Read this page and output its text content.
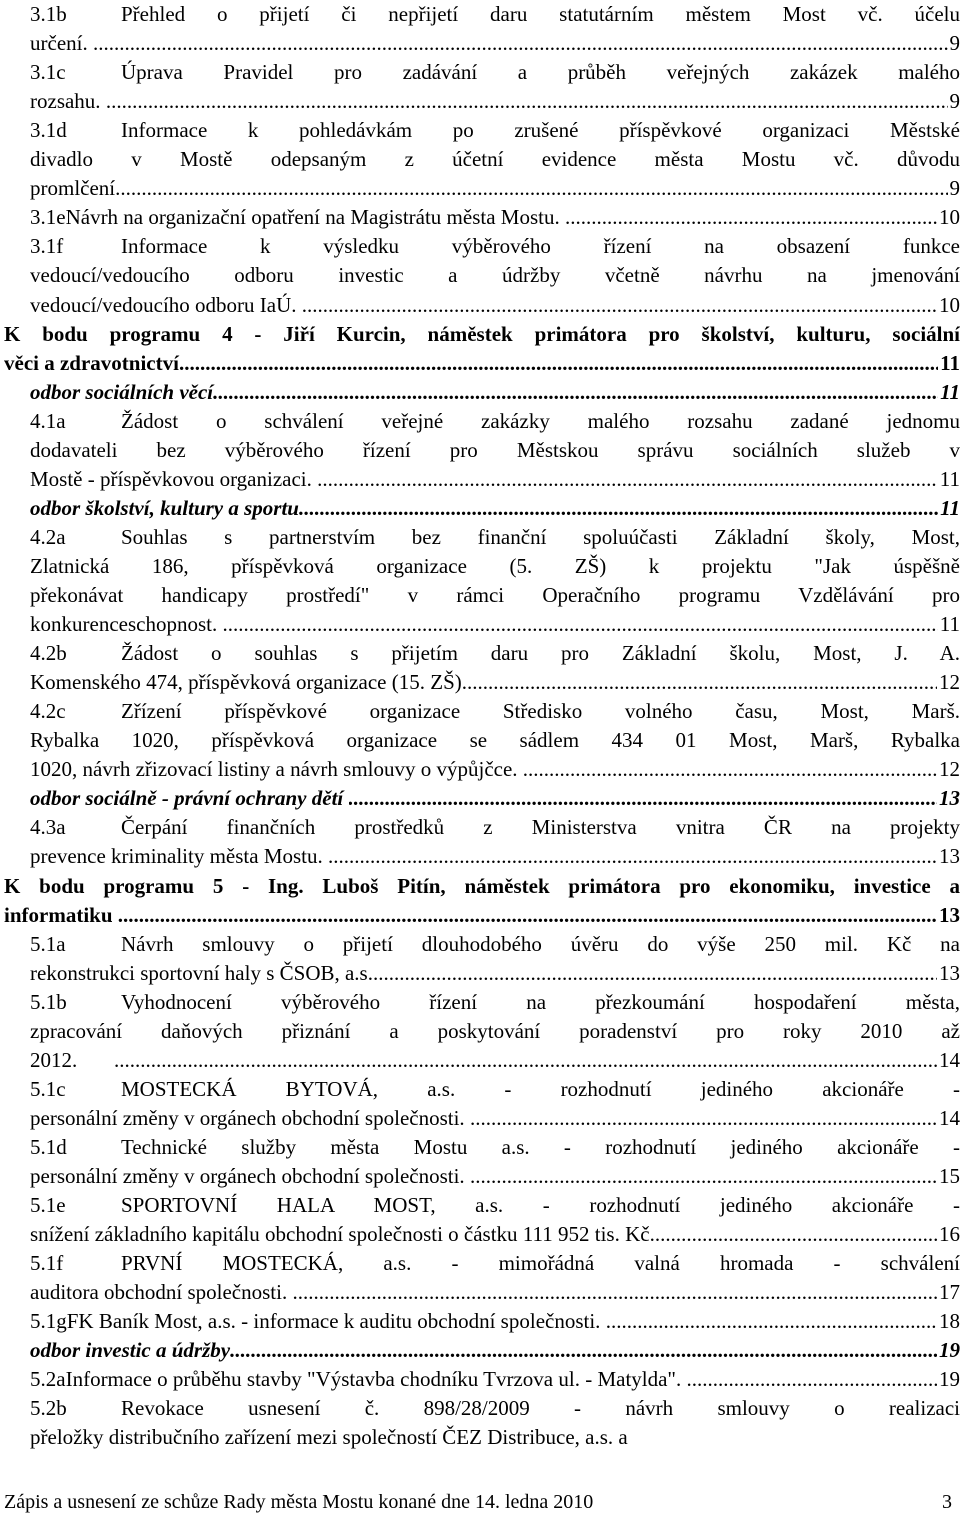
3.1b	Přehled o přijetí či nepřijetí daru statutárním městem Most vč. účelu
určení. .....	9
3.1c	Úprava Pravidel pro zadávání a průběh veřejných zakázek malého
rozsahu. .....	9
3.1d	Informace k pohledávkám po zrušené příspěvkové organizaci Městské
divadlo v Mostě odepsaným z účetní evidence města Mostu vč. důvodu
promlčení. .....	9
3.1e Návrh na organizační opatření na Magistrátu města Mostu. .....	10
3.1f	Informace k výsledku výběrového řízení na obsazení funkce
vedoucí/vedoucího odboru investic a údržby včetně návrhu na jmenování
vedoucí/vedoucího odboru IaÚ. .....	10
K bodu programu 4 - Jiří Kurcin, náměstek primátora pro školství, kulturu, sociální
věci a zdravotnictví .....	11
odbor sociálních věcí .....	11
4.1a	Žádost o schválení veřejné zakázky malého rozsahu zadané jednomu
dodavateli bez výběrového řízení pro Městskou správu sociálních služeb v
Mostě - příspěvkovou organizaci. .....	11
odbor školství, kultury a sportu .....	11
4.2a	Souhlas s partnerstvím bez finanční spoluúčasti Základní školy, Most,
Zlatnická 186, příspěvková organizace (5. ZŠ) k projektu "Jak úspěšně
překonávat handicapy prostředí" v rámci Operačního programu Vzdělávání pro
konkurenceschopnost. .....	11
4.2b	Žádost o souhlas s přijetím daru pro Základní školu, Most, J. A.
Komenského 474, příspěvková organizace (15. ZŠ). .....	12
4.2c	Zřízení příspěvkové organizace Středisko volného času, Most, Marš.
Rybalka 1020, příspěvková organizace se sádlem 434 01 Most, Marš, Rybalka
1020, návrh zřizovací listiny a návrh smlouvy o výpůjčce. .....	12
odbor sociálně - právní ochrany dětí .....	13
4.3a	Čerpání finančních prostředků z Ministerstva vnitra ČR na projekty
prevence kriminality města Mostu. .....	13
K bodu programu 5 - Ing. Luboš Pitín, náměstek primátora pro ekonomiku, investice a
informatiku .....	13
5.1a	Návrh smlouvy o přijetí dlouhodobého úvěru do výše 250 mil. Kč na
rekonstrukci sportovní haly s ČSOB, a.s. .....	13
5.1b	Vyhodnocení výběrového řízení na přezkoumání hospodaření města,
zpracování daňových přiznání a poskytování poradenství pro roky 2010 až
2012. .....	14
5.1c	MOSTECKÁ BYTOVÁ, a.s. - rozhodnutí jediného akcionáře -
personální změny v orgánech obchodní společnosti. .....	14
5.1d	Technické služby města Mostu a.s. - rozhodnutí jediného akcionáře -
personální změny v orgánech obchodní společnosti. .....	15
5.1e	SPORTOVNÍ HALA MOST, a.s. - rozhodnutí jediného akcionáře -
snížení základního kapitálu obchodní společnosti o částku 111 952 tis. Kč. .....	16
5.1f	PRVNÍ MOSTECKÁ, a.s. - mimořádná valná hromada - schválení
auditora obchodní společnosti. .....	17
5.1g FK Baník Most, a.s. - informace k auditu obchodní společnosti. .....	18
odbor investic a údržby .....	19
5.2a Informace o průběhu stavby "Výstavba chodníku Tvrzova ul. - Matylda". .....	19
5.2b	Revokace usnesení č. 898/28/2009 - návrh smlouvy o realizaci
přeložky distribučního zařízení mezi společností ČEZ Distribuce, a.s. a
Zápis a usnesení ze schůze Rady města Mostu konané dne 14. ledna 2010	3
